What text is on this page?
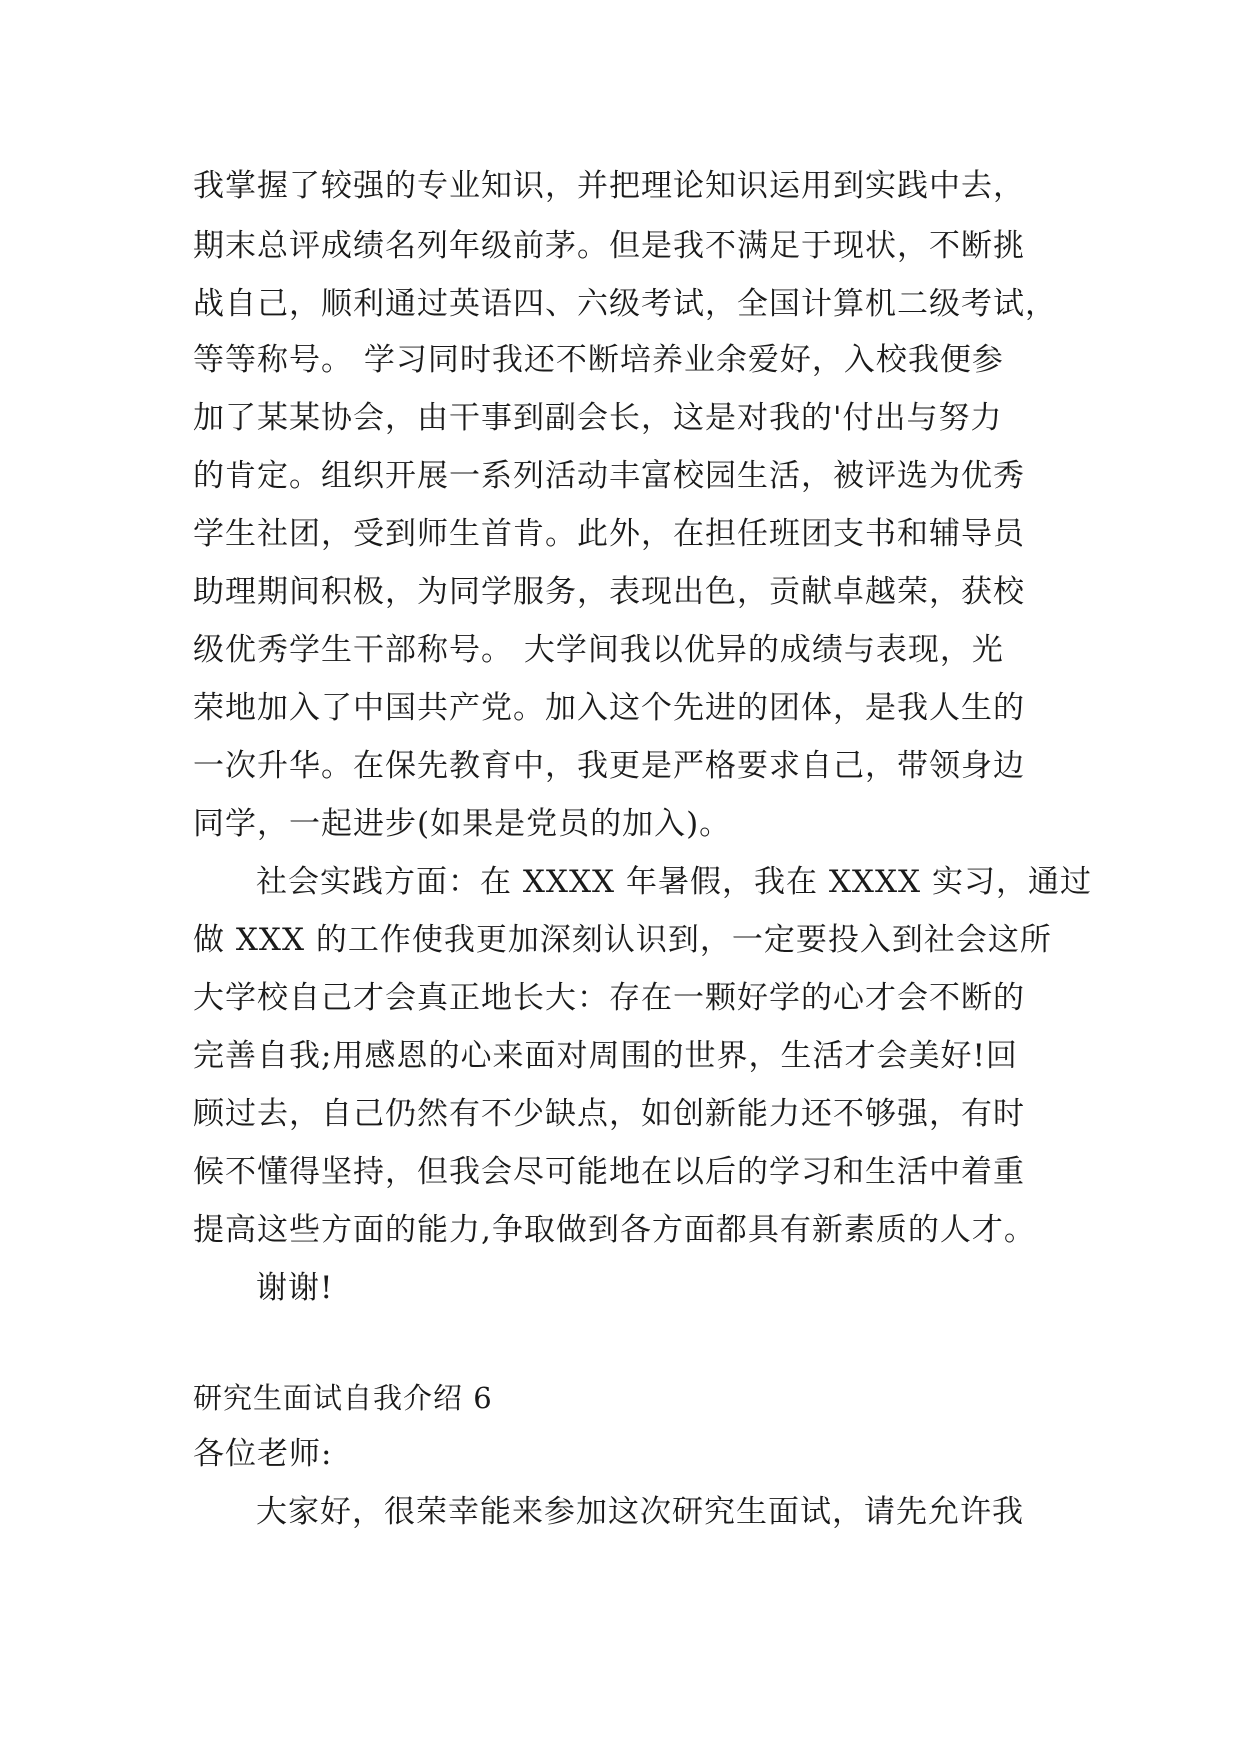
我掌握了较强的专业知识，并把理论知识运用到实践中去，
期末总评成绩名列年级前茅。但是我不满足于现状，不断挑
战自己，顺利通过英语四、六级考试，全国计算机二级考试，
等等称号。 学习同时我还不断培养业余爱好，入校我便参
加了某某协会，由干事到副会长，这是对我的'付出与努力
的肯定。组织开展一系列活动丰富校园生活，被评选为优秀
学生社团，受到师生首肯。此外，在担任班团支书和辅导员
助理期间积极，为同学服务，表现出色，贡献卓越荣，获校
级优秀学生干部称号。 大学间我以优异的成绩与表现，光
荣地加入了中国共产党。加入这个先进的团体，是我人生的
一次升华。在保先教育中，我更是严格要求自己，带领身边
同学，一起进步(如果是党员的加入)。
社会实践方面：在 XXXX 年暑假，我在 XXXX 实习，通过
做 XXX 的工作使我更加深刻认识到，一定要投入到社会这所
大学校自己才会真正地长大：存在一颗好学的心才会不断的
完善自我;用感恩的心来面对周围的世界，生活才会美好!回
顾过去，自己仍然有不少缺点，如创新能力还不够强，有时
候不懂得坚持，但我会尽可能地在以后的学习和生活中着重
提高这些方面的能力,争取做到各方面都具有新素质的人才。
谢谢!
研究生面试自我介绍 6
各位老师:
大家好，很荣幸能来参加这次研究生面试，请先允许我
